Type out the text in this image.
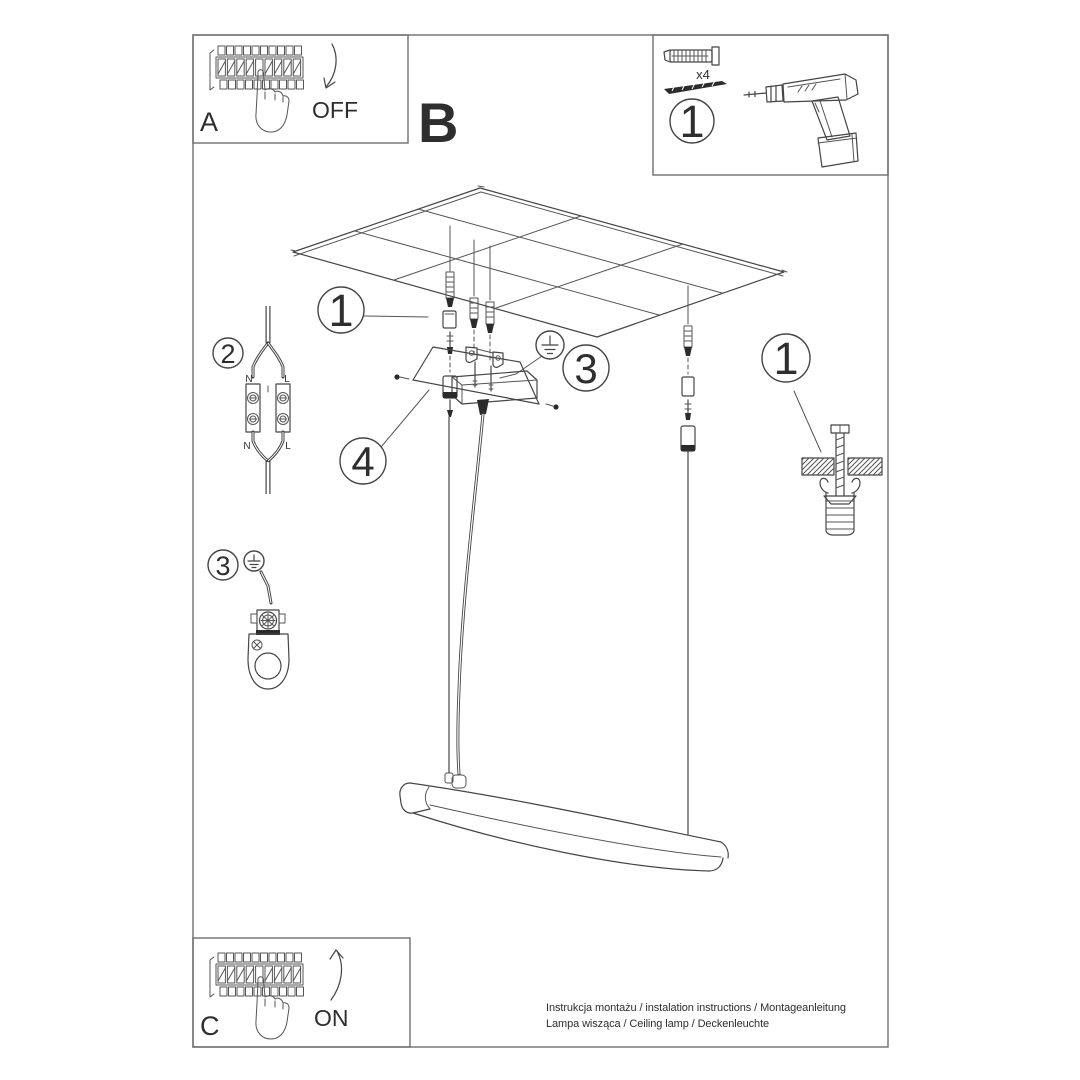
A	OFF B
x4
1
1
3
4
1
2
N	L
N	L
3
C	ON	Instrukcja montażu / instalation instructions / Montageanleitung
Lampa wisząca / Ceiling lamp / Deckenleuchte
